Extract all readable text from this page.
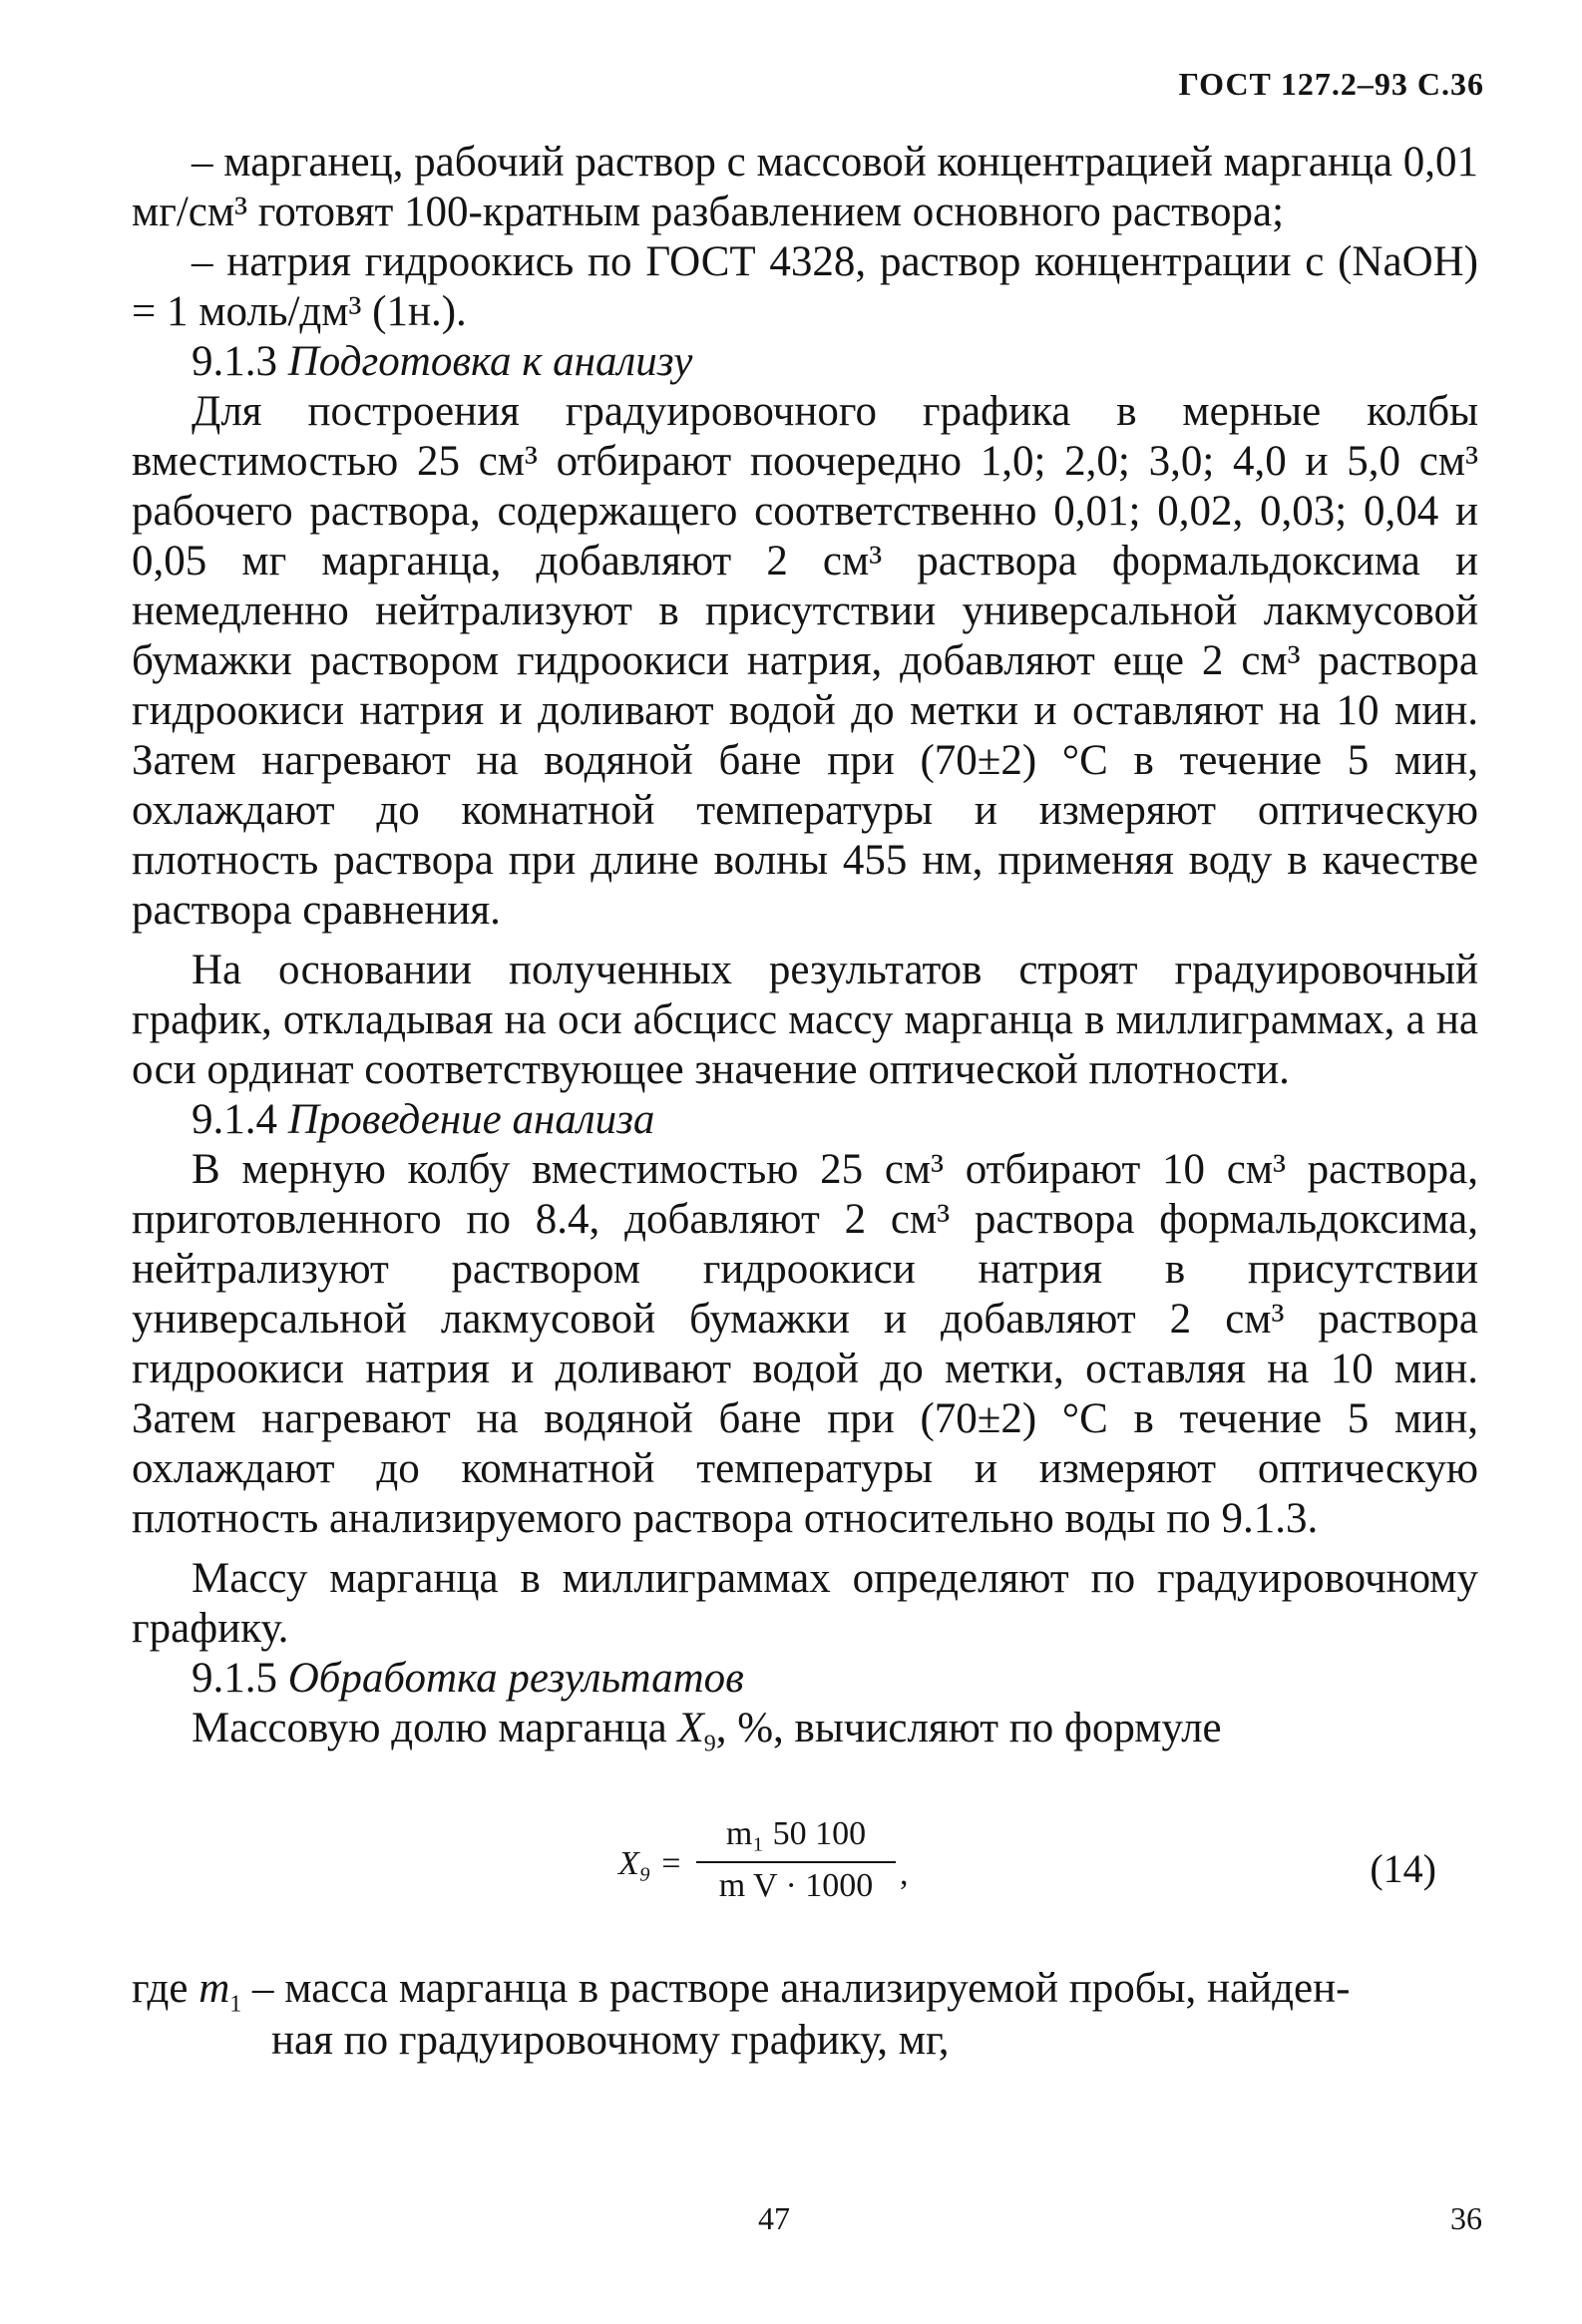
ГОСТ 127.2–93 С.36

– марганец, рабочий раствор с массовой концентрацией марганца 0,01 мг/см³ готовят 100-кратным разбавлением основного раствора;

– натрия гидроокись по ГОСТ 4328, раствор концентрации c (NaOH) = 1 моль/дм³ (1н.).

9.1.3 Подготовка к анализу

Для построения градуировочного графика в мерные колбы вместимостью 25 см³ отбирают поочередно 1,0; 2,0; 3,0; 4,0 и 5,0 см³ рабочего раствора, содержащего соответственно 0,01; 0,02, 0,03; 0,04 и 0,05 мг марганца, добавляют 2 см³ раствора формальдоксима и немедленно нейтрализуют в присутствии универсальной лакмусовой бумажки раствором гидроокиси натрия, добавляют еще 2 см³ раствора гидроокиси натрия и доливают водой до метки и оставляют на 10 мин. Затем нагревают на водяной бане при (70±2) °С в течение 5 мин, охлаждают до комнатной температуры и измеряют оптическую плотность раствора при длине волны 455 нм, применяя воду в качестве раствора сравнения.

На основании полученных результатов строят градуировочный график, откладывая на оси абсцисс массу марганца в миллиграммах, а на оси ординат соответствующее значение оптической плотности.

9.1.4 Проведение анализа

В мерную колбу вместимостью 25 см³ отбирают 10 см³ раствора, приготовленного по 8.4, добавляют 2 см³ раствора формальдоксима, нейтрализуют раствором гидроокиси натрия в присутствии универсальной лакмусовой бумажки и добавляют 2 см³ раствора гидроокиси натрия и доливают водой до метки, оставляя на 10 мин. Затем нагревают на водяной бане при (70±2) °С в течение 5 мин, охлаждают до комнатной температуры и измеряют оптическую плотность анализируемого раствора относительно воды по 9.1.3.

Массу марганца в миллиграммах определяют по градуировочному графику.

9.1.5 Обработка результатов

Массовую долю марганца $X_9$, %, вычисляют по формуле

X₉ =
m₁ 50 100
m V · 1000 ,	(14)
где $m_1$ – масса марганца в растворе анализируемой пробы, найден-
ная по градуировочному графику, мг,
47	36
